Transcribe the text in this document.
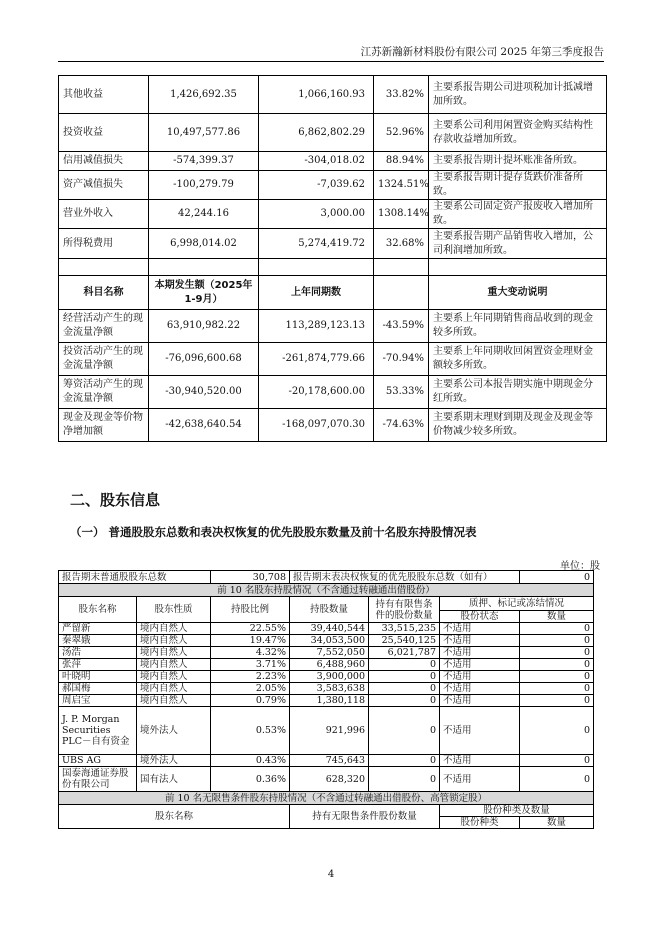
江苏新瀚新材料股份有限公司 2025 年第三季度报告
其他收益	1,426,692.35	1,066,160.93	33.82%	主要系报告期公司进项税加计抵减增加所致。
投资收益	10,497,577.86	6,862,802.29	52.96%	主要系公司利用闲置资金购买结构性存款收益增加所致。
信用减值损失	-574,399.37	-304,018.02	88.94%	主要系报告期计提坏账准备所致。
资产减值损失	-100,279.79	-7,039.62	1324.51%	主要系报告期计提存货跌价准备所致。
营业外收入	42,244.16	3,000.00	1308.14%	主要系公司固定资产报废收入增加所致。
所得税费用	6,998,014.02	5,274,419.72	32.68%	主要系报告期产品销售收入增加，公司利润增加所致。

科目名称	本期发生额（2025年1-9月）	上年同期数		重大变动说明
经营活动产生的现金流量净额	63,910,982.22	113,289,123.13	-43.59%	主要系上年同期销售商品收到的现金较多所致。
投资活动产生的现金流量净额	-76,096,600.68	-261,874,779.66	-70.94%	主要系上年同期收回闲置资金理财金额较多所致。
筹资活动产生的现金流量净额	-30,940,520.00	-20,178,600.00	53.33%	主要系公司本报告期实施中期现金分红所致。
现金及现金等价物净增加额	-42,638,640.54	-168,097,070.30	-74.63%	主要系期末理财到期及现金及现金等价物减少较多所致。
二、股东信息
（一） 普通股股东总数和表决权恢复的优先股股东数量及前十名股东持股情况表
单位：股
报告期末普通股股东总数		30,708	报告期末表决权恢复的优先股股东总数（如有）			0
前 10 名股东持股情况（不含通过转融通出借股份）						
股东名称	股东性质	持股比例	持股数量	持有有限售条件的股份数量	质押、标记或冻结情况	
					股份状态	数量
严留新	境内自然人	22.55%	39,440,544	33,515,235	不适用	0
秦翠娥	境内自然人	19.47%	34,053,500	25,540,125	不适用	0
汤浩	境内自然人	4.32%	7,552,050	6,021,787	不适用	0
张萍	境内自然人	3.71%	6,488,960	0	不适用	0
叶晓明	境内自然人	2.23%	3,900,000	0	不适用	0
郝国梅	境内自然人	2.05%	3,583,638	0	不适用	0
周启宝	境内自然人	0.79%	1,380,118	0	不适用	0
J. P. Morgan Securities PLC－自有资金	境外法人	0.53%	921,996	0	不适用	0
UBS AG	境外法人	0.43%	745,643	0	不适用	0
国泰海通证券股份有限公司	国有法人	0.36%	628,320	0	不适用	0
前 10 名无限售条件股东持股情况（不含通过转融通出借股份、高管锁定股）						
股东名称			持有无限售条件股份数量		股份种类及数量	
					股份种类	数量
4
